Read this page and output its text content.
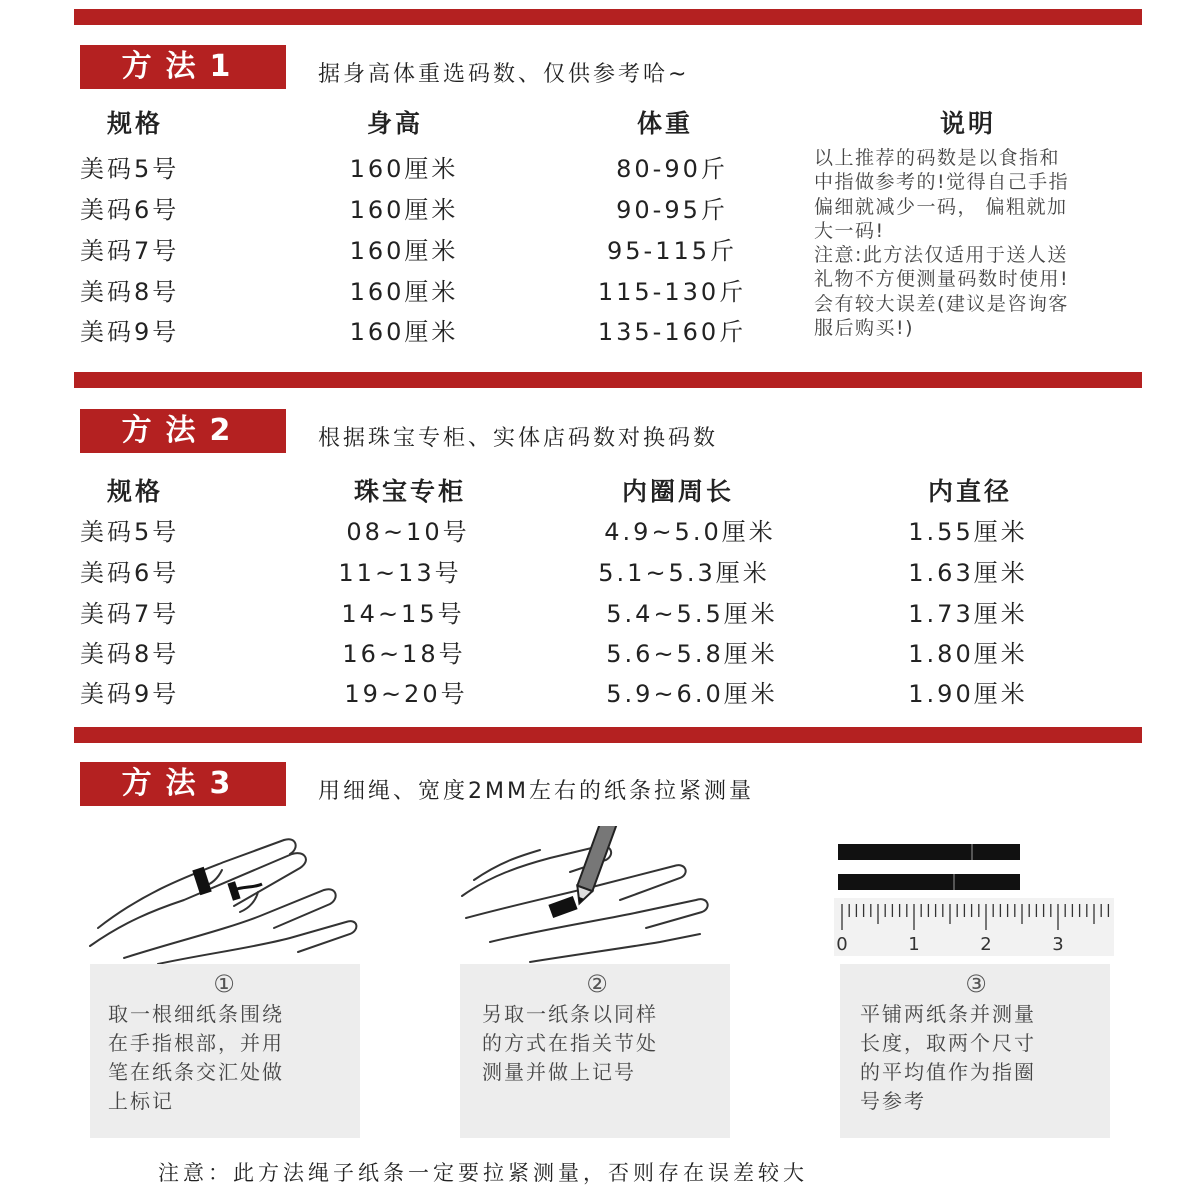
方法1	据身高体重选码数、仅供参考哈~
规格	身高	体重	说明
美码5号	160厘米	80-90斤
美码6号	160厘米	90-95斤
美码7号	160厘米	95-115斤
美码8号	160厘米	115-130斤
美码9号	160厘米	135-160斤
以上推荐的码数是以食指和
中指做参考的!觉得自己手指
偏细就减少一码， 偏粗就加
大一码!
注意:此方法仅适用于送人送
礼物不方便测量码数时使用!
会有较大误差(建议是咨询客
服后购买!)
方法2	根据珠宝专柜、实体店码数对换码数
规格	珠宝专柜	内圈周长	内直径
美码5号	08~10号	4.9~5.0厘米	1.55厘米
美码6号	11~13号	5.1~5.3厘米	1.63厘米
美码7号	14~15号	5.4~5.5厘米	1.73厘米
美码8号	16~18号	5.6~5.8厘米	1.80厘米
美码9号	19~20号	5.9~6.0厘米	1.90厘米
方法3	用细绳、宽度2MM左右的纸条拉紧测量
0	1	2	3
①	②	③
取一根细纸条围绕
在手指根部，并用
笔在纸条交汇处做
上标记
另取一纸条以同样
的方式在指关节处
测量并做上记号
平铺两纸条并测量
长度，取两个尺寸
的平均值作为指圈
号参考
注意：此方法绳子纸条一定要拉紧测量，否则存在误差较大
